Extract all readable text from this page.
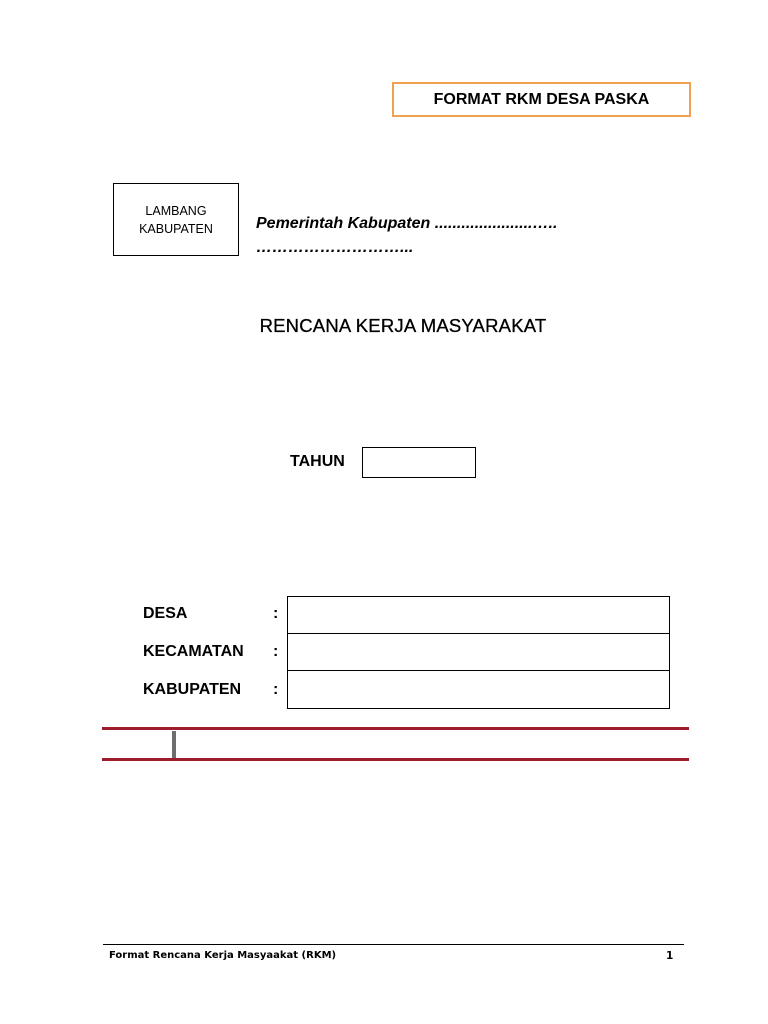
FORMAT RKM DESA PASKA
LAMBANG
KABUPATEN	Pemerintah Kabupaten ......................…..
………………………...
RENCANA KERJA MASYARAKAT
TAHUN
DESA	:
KECAMATAN :
KABUPATEN :
Format Rencana Kerja Masyaakat (RKM)	1
